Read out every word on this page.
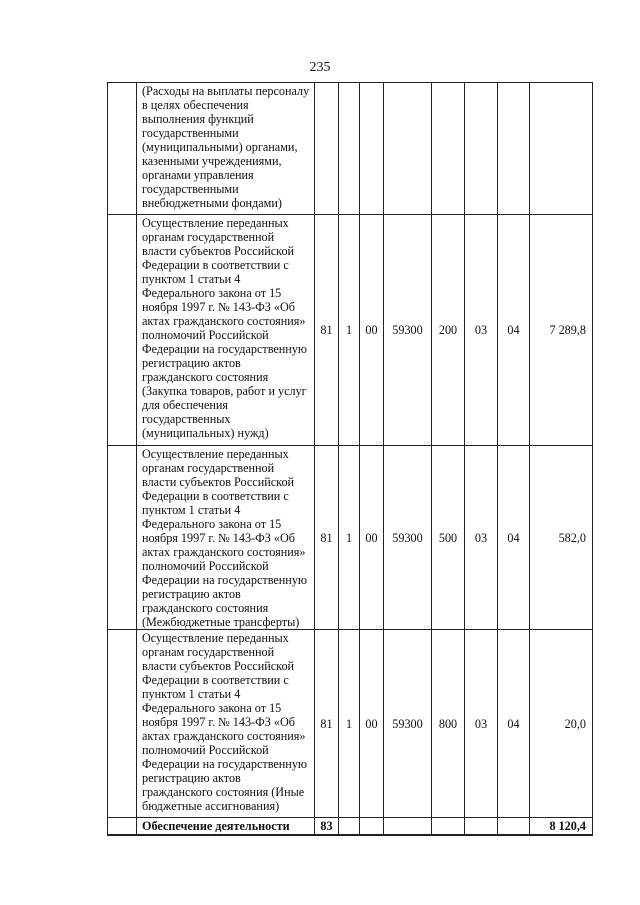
235
	(Расходы на выплаты персоналу в целях обеспечения выполнения функций государственными (муниципальными) органами, казенными учреждениями, органами управления государственными внебюджетными фондами)								
	Осуществление переданных органам государственной власти субъектов Российской Федерации в соответствии с пунктом 1 статьи 4 Федерального закона от 15 ноября 1997 г. № 143-ФЗ «Об актах гражданского состояния» полномочий Российской Федерации на государственную регистрацию актов гражданского состояния (Закупка товаров, работ и услуг для обеспечения государственных (муниципальных) нужд)	81	1	00	59300	200	03	04	7 289,8
	Осуществление переданных органам государственной власти субъектов Российской Федерации в соответствии с пунктом 1 статьи 4 Федерального закона от 15 ноября 1997 г. № 143-ФЗ «Об актах гражданского состояния» полномочий Российской Федерации на государственную регистрацию актов гражданского состояния (Межбюджетные трансферты)	81	1	00	59300	500	03	04	582,0
	Осуществление переданных органам государственной власти субъектов Российской Федерации в соответствии с пунктом 1 статьи 4 Федерального закона от 15 ноября 1997 г. № 143-ФЗ «Об актах гражданского состояния» полномочий Российской Федерации на государственную регистрацию актов гражданского состояния (Иные бюджетные ассигнования)	81	1	00	59300	800	03	04	20,0
	Обеспечение деятельности	83							8 120,4
